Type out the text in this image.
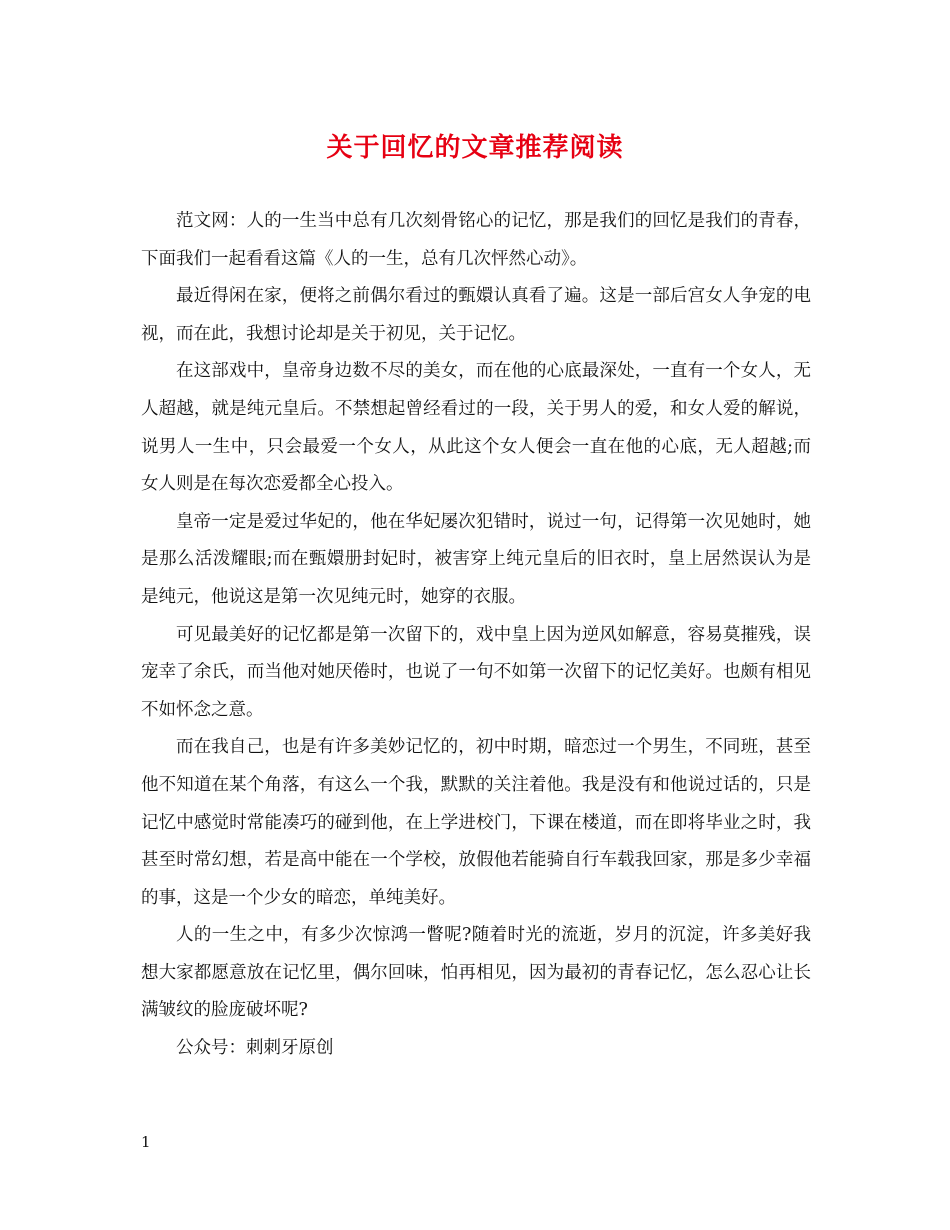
关于回忆的文章推荐阅读

范文网：人的一生当中总有几次刻骨铭心的记忆，那是我们的回忆是我们的青春，下面我们一起看看这篇《人的一生，总有几次怦然心动》。

最近得闲在家，便将之前偶尔看过的甄嬛认真看了遍。这是一部后宫女人争宠的电视，而在此，我想讨论却是关于初见，关于记忆。

在这部戏中，皇帝身边数不尽的美女，而在他的心底最深处，一直有一个女人，无人超越，就是纯元皇后。不禁想起曾经看过的一段，关于男人的爱，和女人爱的解说，说男人一生中，只会最爱一个女人，从此这个女人便会一直在他的心底，无人超越;而女人则是在每次恋爱都全心投入。

皇帝一定是爱过华妃的，他在华妃屡次犯错时，说过一句，记得第一次见她时，她是那么活泼耀眼;而在甄嬛册封妃时，被害穿上纯元皇后的旧衣时，皇上居然误认为是是纯元，他说这是第一次见纯元时，她穿的衣服。

可见最美好的记忆都是第一次留下的，戏中皇上因为逆风如解意，容易莫摧残，误宠幸了余氏，而当他对她厌倦时，也说了一句不如第一次留下的记忆美好。也颇有相见不如怀念之意。

而在我自己，也是有许多美妙记忆的，初中时期，暗恋过一个男生，不同班，甚至他不知道在某个角落，有这么一个我，默默的关注着他。我是没有和他说过话的，只是记忆中感觉时常能凑巧的碰到他，在上学进校门，下课在楼道，而在即将毕业之时，我甚至时常幻想，若是高中能在一个学校，放假他若能骑自行车载我回家，那是多少幸福的事，这是一个少女的暗恋，单纯美好。

人的一生之中，有多少次惊鸿一瞥呢?随着时光的流逝，岁月的沉淀，许多美好我想大家都愿意放在记忆里，偶尔回味，怕再相见，因为最初的青春记忆，怎么忍心让长满皱纹的脸庞破坏呢?

公众号：刺刺牙原创

1
